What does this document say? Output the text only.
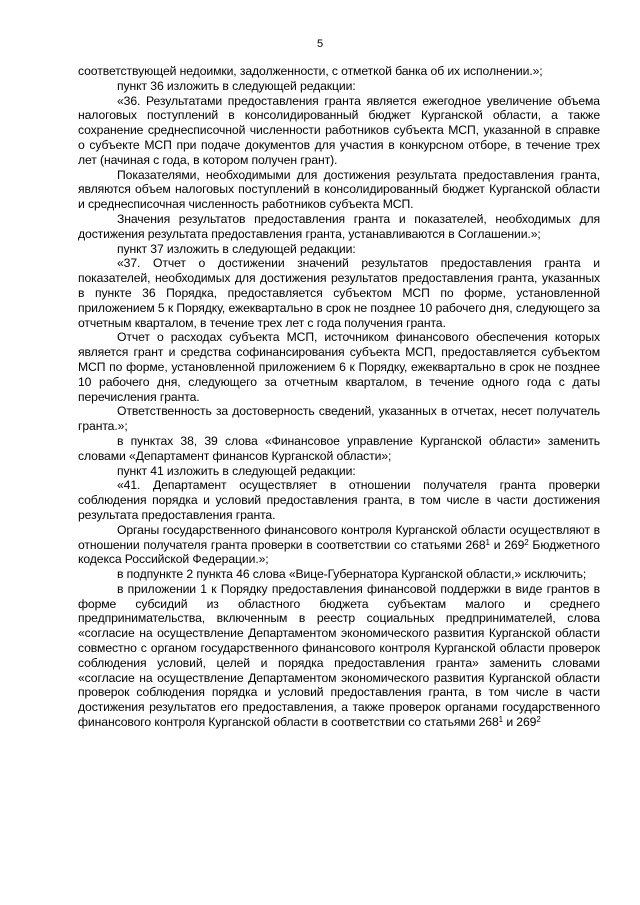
5

соответствующей недоимки, задолженности, с отметкой банка об их исполнении.»;

пункт 36 изложить в следующей редакции:

«36. Результатами предоставления гранта является ежегодное увеличение объема налоговых поступлений в консолидированный бюджет Курганской области, а также сохранение среднесписочной численности работников субъекта МСП, указанной в справке о субъекте МСП при подаче документов для участия в конкурсном отборе, в течение трех лет (начиная с года, в котором получен грант).

Показателями, необходимыми для достижения результата предоставления гранта, являются объем налоговых поступлений в консолидированный бюджет Курганской области и среднесписочная численность работников субъекта МСП.

Значения результатов предоставления гранта и показателей, необходимых для достижения результата предоставления гранта, устанавливаются в Соглашении.»;

пункт 37 изложить в следующей редакции:

«37. Отчет о достижении значений результатов предоставления гранта и показателей, необходимых для достижения результатов предоставления гранта, указанных в пункте 36 Порядка, предоставляется субъектом МСП по форме, установленной приложением 5 к Порядку, ежеквартально в срок не позднее 10 рабочего дня, следующего за отчетным кварталом, в течение трех лет с года получения гранта.

Отчет о расходах субъекта МСП, источником финансового обеспечения которых является грант и средства софинансирования субъекта МСП, предоставляется субъектом МСП по форме, установленной приложением 6 к Порядку, ежеквартально в срок не позднее 10 рабочего дня, следующего за отчетным кварталом, в течение одного года с даты перечисления гранта.

Ответственность за достоверность сведений, указанных в отчетах, несет получатель гранта.»;

в пунктах 38, 39 слова «Финансовое управление Курганской области» заменить словами «Департамент финансов Курганской области»;

пункт 41 изложить в следующей редакции:

«41. Департамент осуществляет в отношении получателя гранта проверки соблюдения порядка и условий предоставления гранта, в том числе в части достижения результата предоставления гранта.

Органы государственного финансового контроля Курганской области осуществляют в отношении получателя гранта проверки в соответствии со статьями $268^1$ и $269^2$ Бюджетного кодекса Российской Федерации.»;

в подпункте 2 пункта 46 слова «Вице-Губернатора Курганской области,» исключить;

в приложении 1 к Порядку предоставления финансовой поддержки в виде грантов в форме субсидий из областного бюджета субъектам малого и среднего предпринимательства, включенным в реестр социальных предпринимателей, слова «согласие на осуществление Департаментом экономического развития Курганской области совместно с органом государственного финансового контроля Курганской области проверок соблюдения условий, целей и порядка предоставления гранта» заменить словами «согласие на осуществление Департаментом экономического развития Курганской области проверок соблюдения порядка и условий предоставления гранта, в том числе в части достижения результатов его предоставления, а также проверок органами государственного финансового контроля Курганской области в соответствии со статьями $268^1$ и $269^2$
